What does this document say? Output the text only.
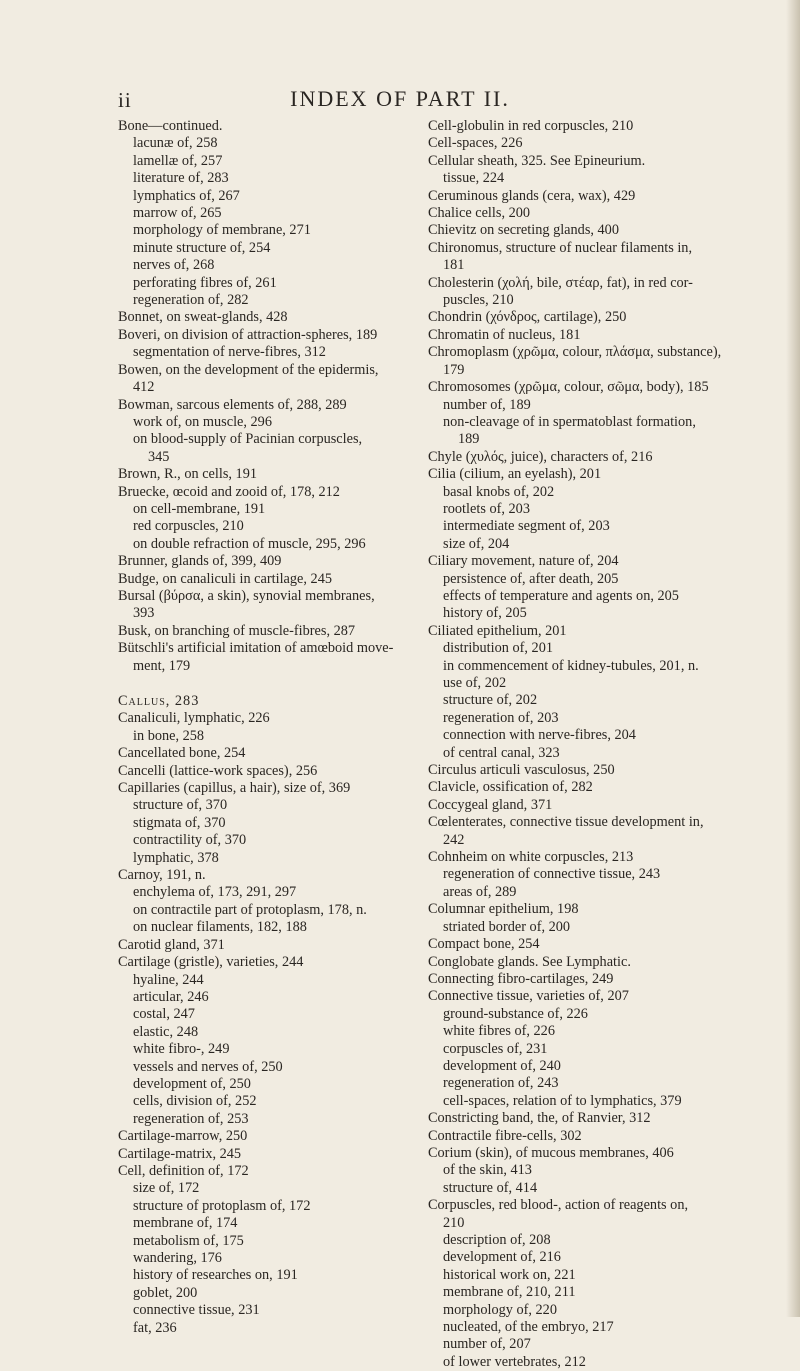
ii	INDEX OF PART II.
Bone—continued.
lacunæ of, 258
lamellæ of, 257
literature of, 283
lymphatics of, 267
marrow of, 265
morphology of membrane, 271
minute structure of, 254
nerves of, 268
perforating fibres of, 261
regeneration of, 282
Bonnet, on sweat-glands, 428
Boveri, on division of attraction-spheres, 189
segmentation of nerve-fibres, 312
Bowen, on the development of the epidermis,
412
Bowman, sarcous elements of, 288, 289
work of, on muscle, 296
on blood-supply of Pacinian corpuscles,
345
Brown, R., on cells, 191
Bruecke, œcoid and zooid of, 178, 212
on cell-membrane, 191
red corpuscles, 210
on double refraction of muscle, 295, 296
Brunner, glands of, 399, 409
Budge, on canaliculi in cartilage, 245
Bursal (βύρσα, a skin), synovial membranes,
393
Busk, on branching of muscle-fibres, 287
Bütschli's artificial imitation of amœboid move-
ment, 179
Callus, 283
Canaliculi, lymphatic, 226
in bone, 258
Cancellated bone, 254
Cancelli (lattice-work spaces), 256
Capillaries (capillus, a hair), size of, 369
structure of, 370
stigmata of, 370
contractility of, 370
lymphatic, 378
Carnoy, 191, n.
enchylema of, 173, 291, 297
on contractile part of protoplasm, 178, n.
on nuclear filaments, 182, 188
Carotid gland, 371
Cartilage (gristle), varieties, 244
hyaline, 244
articular, 246
costal, 247
elastic, 248
white fibro-, 249
vessels and nerves of, 250
development of, 250
cells, division of, 252
regeneration of, 253
Cartilage-marrow, 250
Cartilage-matrix, 245
Cell, definition of, 172
size of, 172
structure of protoplasm of, 172
membrane of, 174
metabolism of, 175
wandering, 176
history of researches on, 191
goblet, 200
connective tissue, 231
fat, 236
Cell-globulin in red corpuscles, 210
Cell-spaces, 226
Cellular sheath, 325. See Epineurium.
tissue, 224
Ceruminous glands (cera, wax), 429
Chalice cells, 200
Chievitz on secreting glands, 400
Chironomus, structure of nuclear filaments in,
181
Cholesterin (χολή, bile, στέαρ, fat), in red cor-
puscles, 210
Chondrin (χόνδρος, cartilage), 250
Chromatin of nucleus, 181
Chromoplasm (χρῶμα, colour, πλάσμα, substance),
179
Chromosomes (χρῶμα, colour, σῶμα, body), 185
number of, 189
non-cleavage of in spermatoblast formation,
189
Chyle (χυλός, juice), characters of, 216
Cilia (cilium, an eyelash), 201
basal knobs of, 202
rootlets of, 203
intermediate segment of, 203
size of, 204
Ciliary movement, nature of, 204
persistence of, after death, 205
effects of temperature and agents on, 205
history of, 205
Ciliated epithelium, 201
distribution of, 201
in commencement of kidney-tubules, 201, n.
use of, 202
structure of, 202
regeneration of, 203
connection with nerve-fibres, 204
of central canal, 323
Circulus articuli vasculosus, 250
Clavicle, ossification of, 282
Coccygeal gland, 371
Cœlenterates, connective tissue development in,
242
Cohnheim on white corpuscles, 213
regeneration of connective tissue, 243
areas of, 289
Columnar epithelium, 198
striated border of, 200
Compact bone, 254
Conglobate glands. See Lymphatic.
Connecting fibro-cartilages, 249
Connective tissue, varieties of, 207
ground-substance of, 226
white fibres of, 226
corpuscles of, 231
development of, 240
regeneration of, 243
cell-spaces, relation of to lymphatics, 379
Constricting band, the, of Ranvier, 312
Contractile fibre-cells, 302
Corium (skin), of mucous membranes, 406
of the skin, 413
structure of, 414
Corpuscles, red blood-, action of reagents on,
210
description of, 208
development of, 216
historical work on, 221
membrane of, 210, 211
morphology of, 220
nucleated, of the embryo, 217
number of, 207
of lower vertebrates, 212
